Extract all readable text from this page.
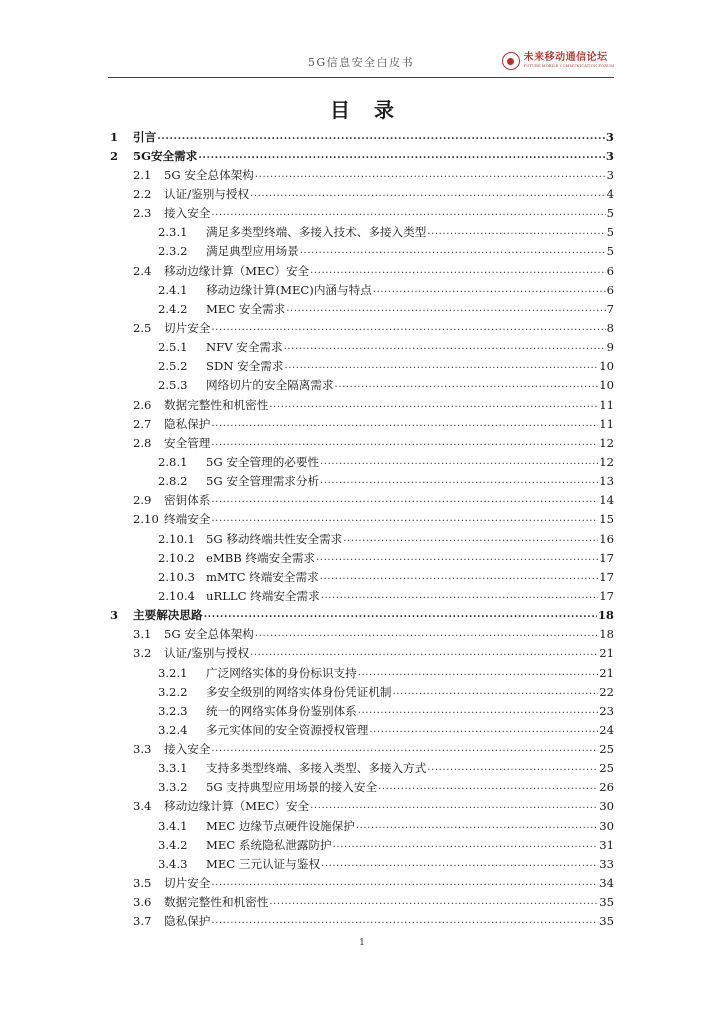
5G信息安全白皮书	未来移动通信论坛
FUTURE MOBILE COMMUNICATION FORUM
目录
1	引言 .....	3
2	5G安全需求 .....	3
2.1	5G 安全总体架构 .....	3
2.2	认证/鉴别与授权 .....	4
2.3	接入安全 .....	5
2.3.1	满足多类型终端、多接入技术、多接入类型 .....	5
2.3.2	满足典型应用场景 .....	5
2.4	移动边缘计算（MEC）安全 .....	6
2.4.1	移动边缘计算(MEC)内涵与特点 .....	6
2.4.2	MEC 安全需求 .....	7
2.5	切片安全 .....	8
2.5.1	NFV 安全需求 .....	9
2.5.2	SDN 安全需求 .....	10
2.5.3	网络切片的安全隔离需求 .....	10
2.6	数据完整性和机密性 .....	11
2.7	隐私保护 .....	11
2.8	安全管理 .....	12
2.8.1	5G 安全管理的必要性 .....	12
2.8.2	5G 安全管理需求分析 .....	13
2.9	密钥体系 .....	14
2.10 终端安全 .....	15
2.10.1 5G 移动终端共性安全需求 .....	16
2.10.2 eMBB 终端安全需求 .....	17
2.10.3 mMTC 终端安全需求 .....	17
2.10.4 uRLLC 终端安全需求 .....	17
3	主要解决思路 .....	18
3.1	5G 安全总体架构 .....	18
3.2	认证/鉴别与授权 .....	21
3.2.1	广泛网络实体的身份标识支持 .....	21
3.2.2	多安全级别的网络实体身份凭证机制 .....	22
3.2.3	统一的网络实体身份鉴别体系 .....	23
3.2.4	多元实体间的安全资源授权管理 .....	24
3.3	接入安全 .....	25
3.3.1	支持多类型终端、多接入类型、多接入方式 .....	25
3.3.2	5G 支持典型应用场景的接入安全 .....	26
3.4	移动边缘计算（MEC）安全 .....	30
3.4.1	MEC 边缘节点硬件设施保护 .....	30
3.4.2	MEC 系统隐私泄露防护 .....	31
3.4.3	MEC 三元认证与鉴权 .....	33
3.5	切片安全 .....	34
3.6	数据完整性和机密性 .....	35
3.7	隐私保护 .....	35
1
